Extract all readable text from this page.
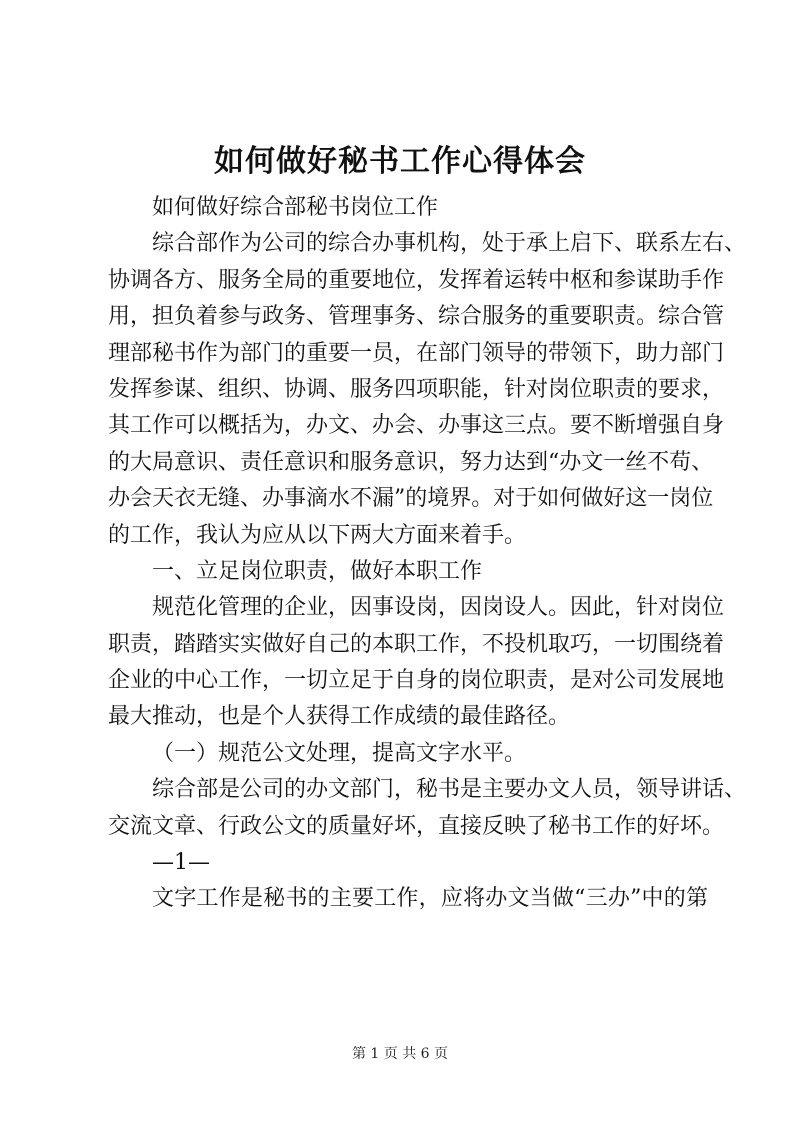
如何做好秘书工作心得体会
如何做好综合部秘书岗位工作
综合部作为公司的综合办事机构，处于承上启下、联系左右、
协调各方、服务全局的重要地位，发挥着运转中枢和参谋助手作
用，担负着参与政务、管理事务、综合服务的重要职责。综合管
理部秘书作为部门的重要一员，在部门领导的带领下，助力部门
发挥参谋、组织、协调、服务四项职能，针对岗位职责的要求，
其工作可以概括为，办文、办会、办事这三点。要不断增强自身
的大局意识、责任意识和服务意识，努力达到“办文一丝不苟、
办会天衣无缝、办事滴水不漏”的境界。对于如何做好这一岗位
的工作，我认为应从以下两大方面来着手。
一、立足岗位职责，做好本职工作
规范化管理的企业，因事设岗，因岗设人。因此，针对岗位
职责，踏踏实实做好自己的本职工作，不投机取巧，一切围绕着
企业的中心工作，一切立足于自身的岗位职责，是对公司发展地
最大推动，也是个人获得工作成绩的最佳路径。
（一）规范公文处理，提高文字水平。
综合部是公司的办文部门，秘书是主要办文人员，领导讲话、
交流文章、行政公文的质量好坏，直接反映了秘书工作的好坏。
—1—
文字工作是秘书的主要工作，应将办文当做“三办”中的第
第 1 页 共 6 页
